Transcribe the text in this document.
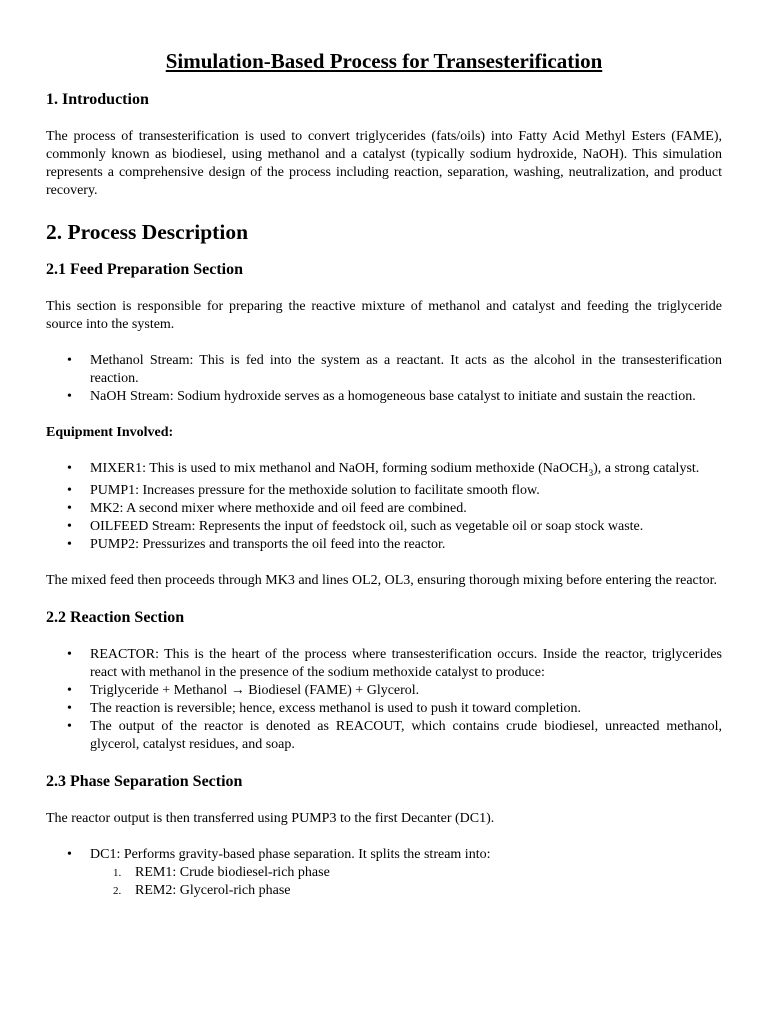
Simulation-Based Process for Transesterification
1. Introduction

The process of transesterification is used to convert triglycerides (fats/oils) into Fatty Acid Methyl Esters (FAME), commonly known as biodiesel, using methanol and a catalyst (typically sodium hydroxide, NaOH). This simulation represents a comprehensive design of the process including reaction, separation, washing, neutralization, and product recovery.

2. Process Description
2.1 Feed Preparation Section

This section is responsible for preparing the reactive mixture of methanol and catalyst and feeding the triglyceride source into the system.

• Methanol Stream: This is fed into the system as a reactant. It acts as the alcohol in the transesterification reaction.
• NaOH Stream: Sodium hydroxide serves as a homogeneous base catalyst to initiate and sustain the reaction.

Equipment Involved:

• MIXER1: This is used to mix methanol and NaOH, forming sodium methoxide (NaOCH$_3$), a strong catalyst.
• PUMP1: Increases pressure for the methoxide solution to facilitate smooth flow.
• MK2: A second mixer where methoxide and oil feed are combined.
• OILFEED Stream: Represents the input of feedstock oil, such as vegetable oil or soap stock waste.
• PUMP2: Pressurizes and transports the oil feed into the reactor.

The mixed feed then proceeds through MK3 and lines OL2, OL3, ensuring thorough mixing before entering the reactor.

2.2 Reaction Section
• REACTOR: This is the heart of the process where transesterification occurs. Inside the reactor, triglycerides react with methanol in the presence of the sodium methoxide catalyst to produce:
• Triglyceride + Methanol → Biodiesel (FAME) + Glycerol.
• The reaction is reversible; hence, excess methanol is used to push it toward completion.
• The output of the reactor is denoted as REACOUT, which contains crude biodiesel, unreacted methanol, glycerol, catalyst residues, and soap.
2.3 Phase Separation Section

The reactor output is then transferred using PUMP3 to the first Decanter (DC1).

• DC1: Performs gravity-based phase separation. It splits the stream into:
1. REM1: Crude biodiesel-rich phase
2. REM2: Glycerol-rich phase
